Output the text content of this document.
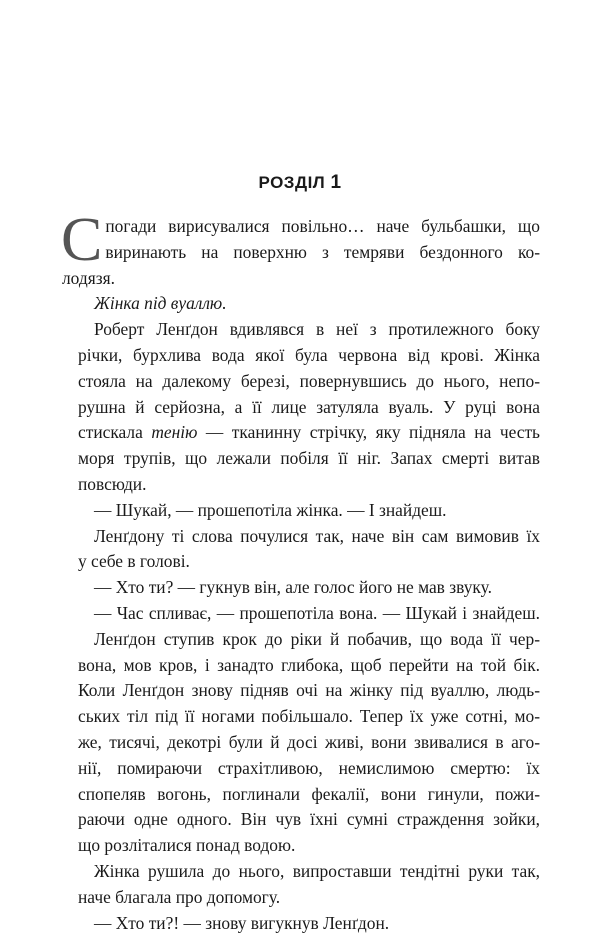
РОЗДІЛ 1

С погади вирисувалися повільно… наче бульбашки, що
виринають на поверхню з темряви бездонного ко-
лодязя.

Жінка під вуаллю.

Роберт Ленґдон вдивлявся в неї з протилежного боку
річки, бурхлива вода якої була червона від крові. Жінка
стояла на далекому березі, повернувшись до нього, непо-
рушна й серйозна, а її лице затуляла вуаль. У руці вона
стискала тенію — тканинну стрічку, яку підняла на честь
моря трупів, що лежали побіля її ніг. Запах смерті витав
повсюди.

— Шукай, — прошепотіла жінка. — І знайдеш.

Ленґдону ті слова почулися так, наче він сам вимовив їх
у себе в голові.

— Хто ти? — гукнув він, але голос його не мав звуку.

— Час спливає, — прошепотіла вона. — Шукай і знайдеш.

Ленґдон ступив крок до ріки й побачив, що вода її чер-
вона, мов кров, і занадто глибока, щоб перейти на той бік.
Коли Ленґдон знову підняв очі на жінку під вуаллю, людь-
ських тіл під її ногами побільшало. Тепер їх уже сотні, мо-
же, тисячі, декотрі були й досі живі, вони звивалися в аго-
нії, помираючи страхітливою, немислимою смертю: їх
спопеляв вогонь, поглинали фекалії, вони гинули, пожи-
раючи одне одного. Він чув їхні сумні страждення зойки,
що розліталися понад водою.

Жінка рушила до нього, випроставши тендітні руки так,
наче благала про допомогу.

— Хто ти?! — знову вигукнув Ленґдон.
